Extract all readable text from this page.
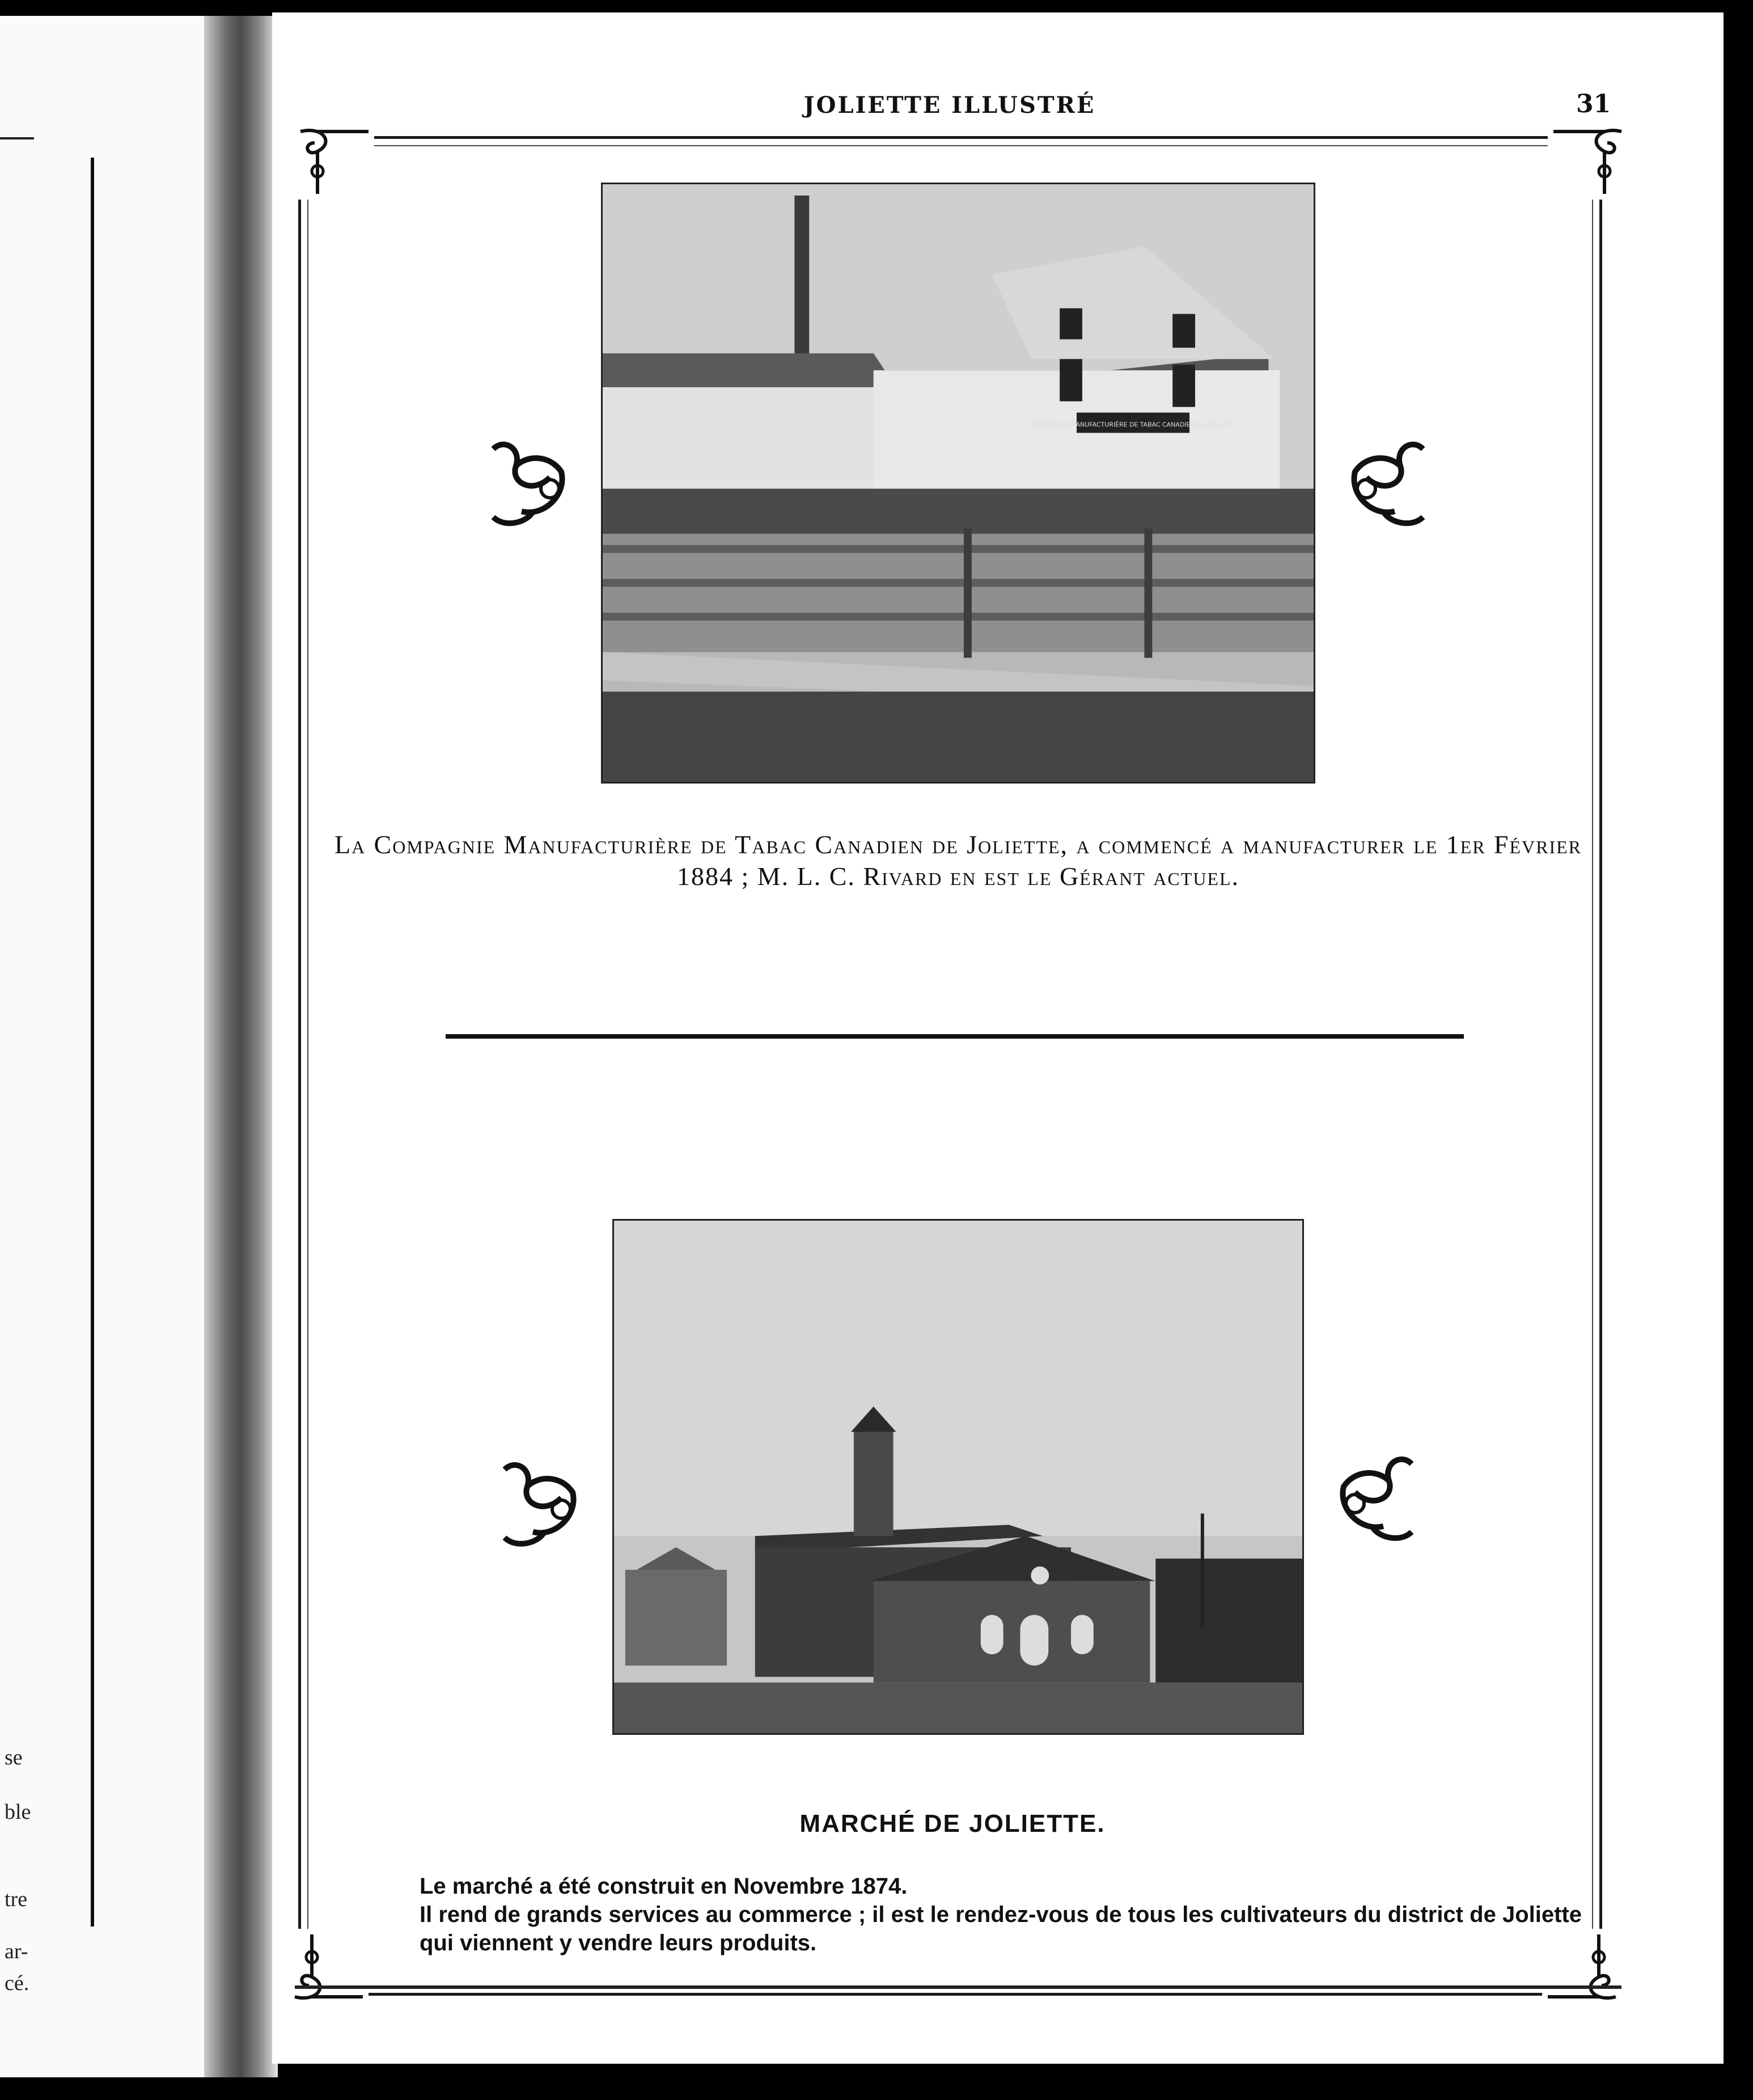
se
ble
tre
ar-
cé.
JOLIETTE ILLUSTRÉ	31
COMPAGNIE MANUFACTURIÈRE DE TABAC CANADIEN DE JOLIETTE
La Compagnie Manufacturière de Tabac Canadien de Joliette, a commencé a manufacturer le 1er Février 1884 ; M. L. C. Rivard en est le Gérant actuel.
MARCHÉ DE JOLIETTE.

Le marché a été construit en Novembre 1874.

Il rend de grands services au commerce ; il est le rendez-vous de tous les cultivateurs du district de Joliette qui viennent y vendre leurs produits.
